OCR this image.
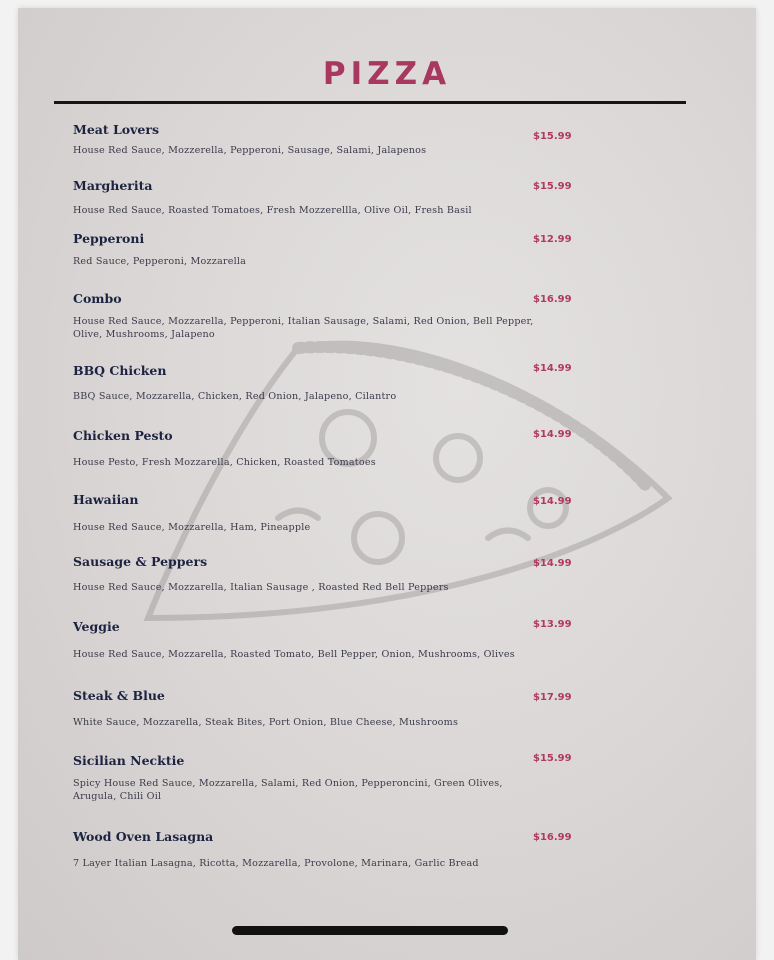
PIZZA
Meat Lovers
House Red Sauce, Mozzerella, Pepperoni, Sausage, Salami, Jalapenos
$15.99
Margherita
House Red Sauce, Roasted Tomatoes, Fresh Mozzerellla, Olive Oil, Fresh Basil
$15.99
Pepperoni
Red Sauce, Pepperoni, Mozzarella
$12.99
Combo
House Red Sauce, Mozzarella, Pepperoni, Italian Sausage, Salami, Red Onion, Bell Pepper, Olive, Mushrooms, Jalapeno
$16.99
BBQ Chicken
BBQ Sauce, Mozzarella, Chicken, Red Onion, Jalapeno, Cilantro
$14.99
Chicken Pesto
House Pesto, Fresh Mozzarella, Chicken, Roasted Tomatoes
$14.99
Hawaiian
House Red Sauce, Mozzarella, Ham, Pineapple
$14.99
Sausage & Peppers
House Red Sauce, Mozzarella, Italian Sausage , Roasted Red Bell Peppers
$14.99
Veggie
House Red Sauce, Mozzarella, Roasted Tomato, Bell Pepper, Onion, Mushrooms, Olives
$13.99
Steak & Blue
White Sauce, Mozzarella, Steak Bites, Port Onion, Blue Cheese, Mushrooms
$17.99
Sicilian Necktie
Spicy House Red Sauce, Mozzarella, Salami, Red Onion, Pepperoncini, Green Olives, Arugula, Chili Oil
$15.99
Wood Oven Lasagna
7 Layer Italian Lasagna, Ricotta, Mozzarella, Provolone, Marinara, Garlic Bread
$16.99
